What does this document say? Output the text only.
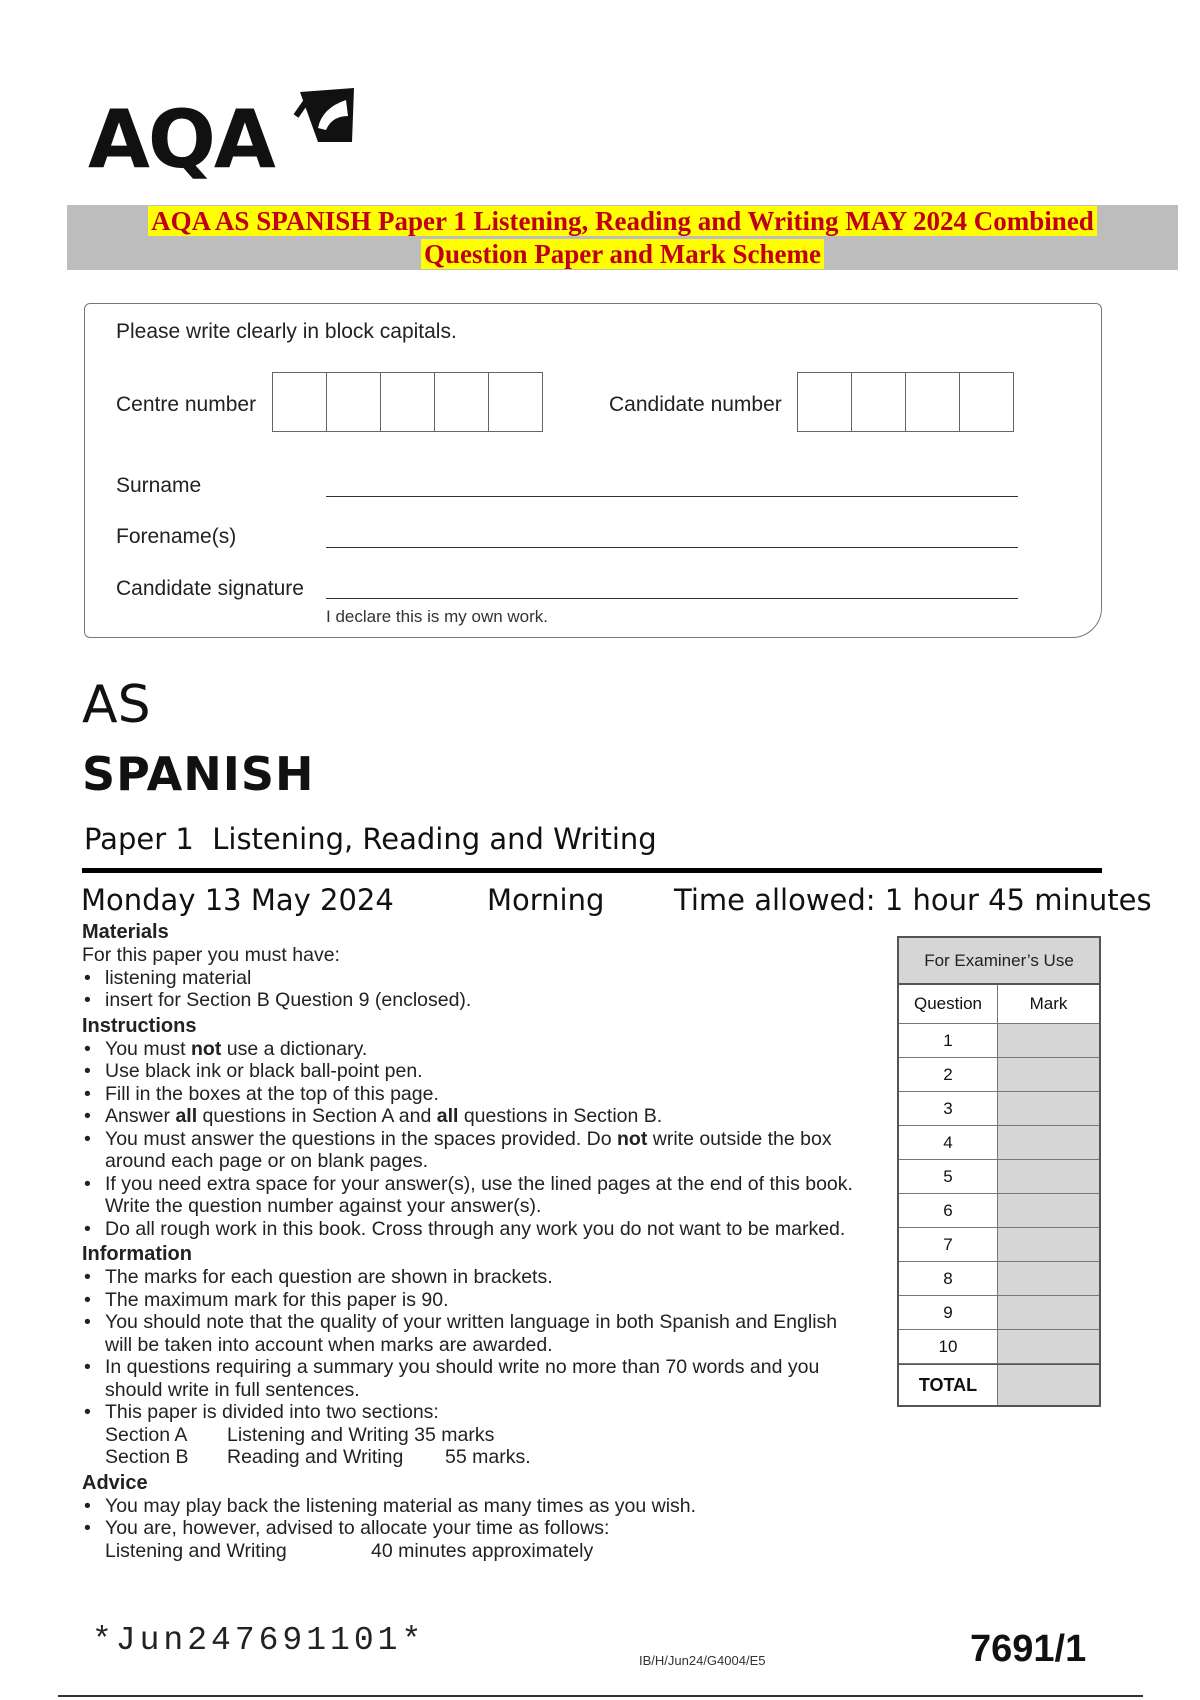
AQA
AQA AS SPANISH Paper 1 Listening, Reading and Writing MAY 2024 Combined
Question Paper and Mark Scheme
Please write clearly in block capitals.
Centre number	Candidate number
Surname
Forename(s)
Candidate signature
I declare this is my own work.
AS
SPANISH
Paper 1  Listening, Reading and Writing
Monday 13 May 2024	Morning Time allowed: 1 hour 45 minutes
Materials
For this paper you must have:
• listening material
• insert for Section B Question 9 (enclosed).
Instructions
• You must not use a dictionary.
• Use black ink or black ball-point pen.
• Fill in the boxes at the top of this page.
• Answer all questions in Section A and all questions in Section B.
• You must answer the questions in the spaces provided. Do not write outside the box around each page or on blank pages.
• If you need extra space for your answer(s), use the lined pages at the end of this book. Write the question number against your answer(s).
• Do all rough work in this book. Cross through any work you do not want to be marked.
Information
• The marks for each question are shown in brackets.
• The maximum mark for this paper is 90.
• You should note that the quality of your written language in both Spanish and English will be taken into account when marks are awarded.
• In questions requiring a summary you should write no more than 70 words and you should write in full sentences.
• This paper is divided into two sections:
Section A Listening and Writing 35 marks
Section B Reading and Writing 55 marks.
Advice
• You may play back the listening material as many times as you wish.
• You are, however, advised to allocate your time as follows:
Listening and Writing	40 minutes approximately
For Examiner’s Use
Question	Mark
1
2
3
4
5
6
7
8
9
10
TOTAL
*Jun247691101*
IB/H/Jun24/G4004/E5	7691/1
